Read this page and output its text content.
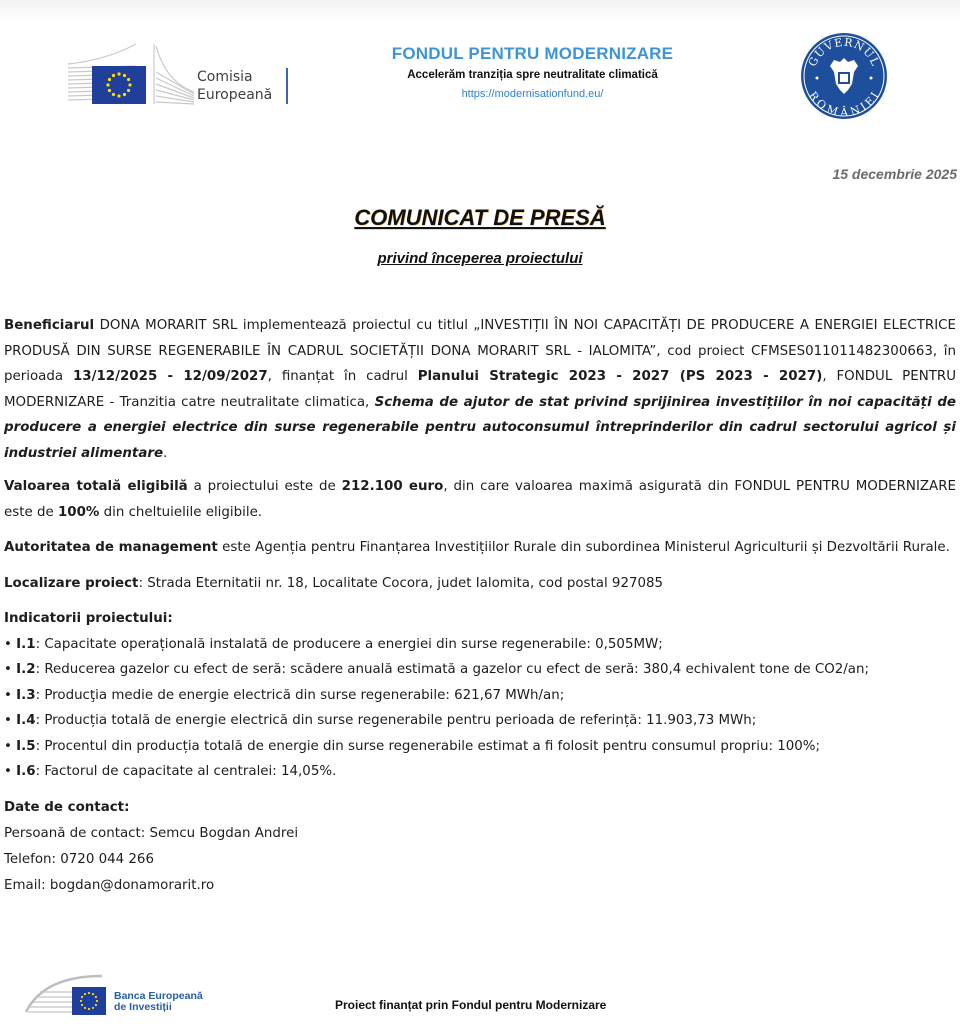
Comisia
Europeană
FONDUL PENTRU MODERNIZARE
Accelerăm tranziția spre neutralitate climatică
https://modernisationfund.eu/
GUVERNUL
ROMÂNIEI
15 decembrie 2025
COMUNICAT DE PRESĂ
privind începerea proiectului

Beneficiarul DONA MORARIT SRL implementează proiectul cu titlul „INVESTIȚII ÎN NOI CAPACITĂȚI DE PRODUCERE A ENERGIEI ELECTRICE PRODUSĂ DIN SURSE REGENERABILE ÎN CADRUL SOCIETĂȚII DONA MORARIT SRL - IALOMITA”, cod proiect CFMSES011011482300663, în perioada 13/12/2025 - 12/09/2027, finanțat în cadrul Planului Strategic 2023 - 2027 (PS 2023 - 2027), FONDUL PENTRU MODERNIZARE - Tranzitia catre neutralitate climatica, Schema de ajutor de stat privind sprijinirea investițiilor în noi capacități de producere a energiei electrice din surse regenerabile pentru autoconsumul întreprinderilor din cadrul sectorului agricol și industriei alimentare.

Valoarea totală eligibilă a proiectului este de 212.100 euro, din care valoarea maximă asigurată din FONDUL PENTRU MODERNIZARE este de 100% din cheltuielile eligibile.

Autoritatea de management este Agenția pentru Finanțarea Investițiilor Rurale din subordinea Ministerul Agriculturii și Dezvoltării Rurale.

Localizare proiect: Strada Eternitatii nr. 18, Localitate Cocora, judet Ialomita, cod postal 927085

Indicatorii proiectului:

• I.1: Capacitate operațională instalată de producere a energiei din surse regenerabile: 0,505MW;

• I.2: Reducerea gazelor cu efect de seră: scădere anuală estimată a gazelor cu efect de seră: 380,4 echivalent tone de CO2/an;

• I.3: Producţia medie de energie electrică din surse regenerabile: 621,67 MWh/an;

• I.4: Producția totală de energie electrică din surse regenerabile pentru perioada de referință: 11.903,73 MWh;

• I.5: Procentul din producția totală de energie din surse regenerabile estimat a fi folosit pentru consumul propriu: 100%;

• I.6: Factorul de capacitate al centralei: 14,05%.

Date de contact:

Persoană de contact: Semcu Bogdan Andrei

Telefon: 0720 044 266

Email: bogdan@donamorarit.ro

Banca Europeană
de Investiții	Proiect finanțat prin Fondul pentru Modernizare
